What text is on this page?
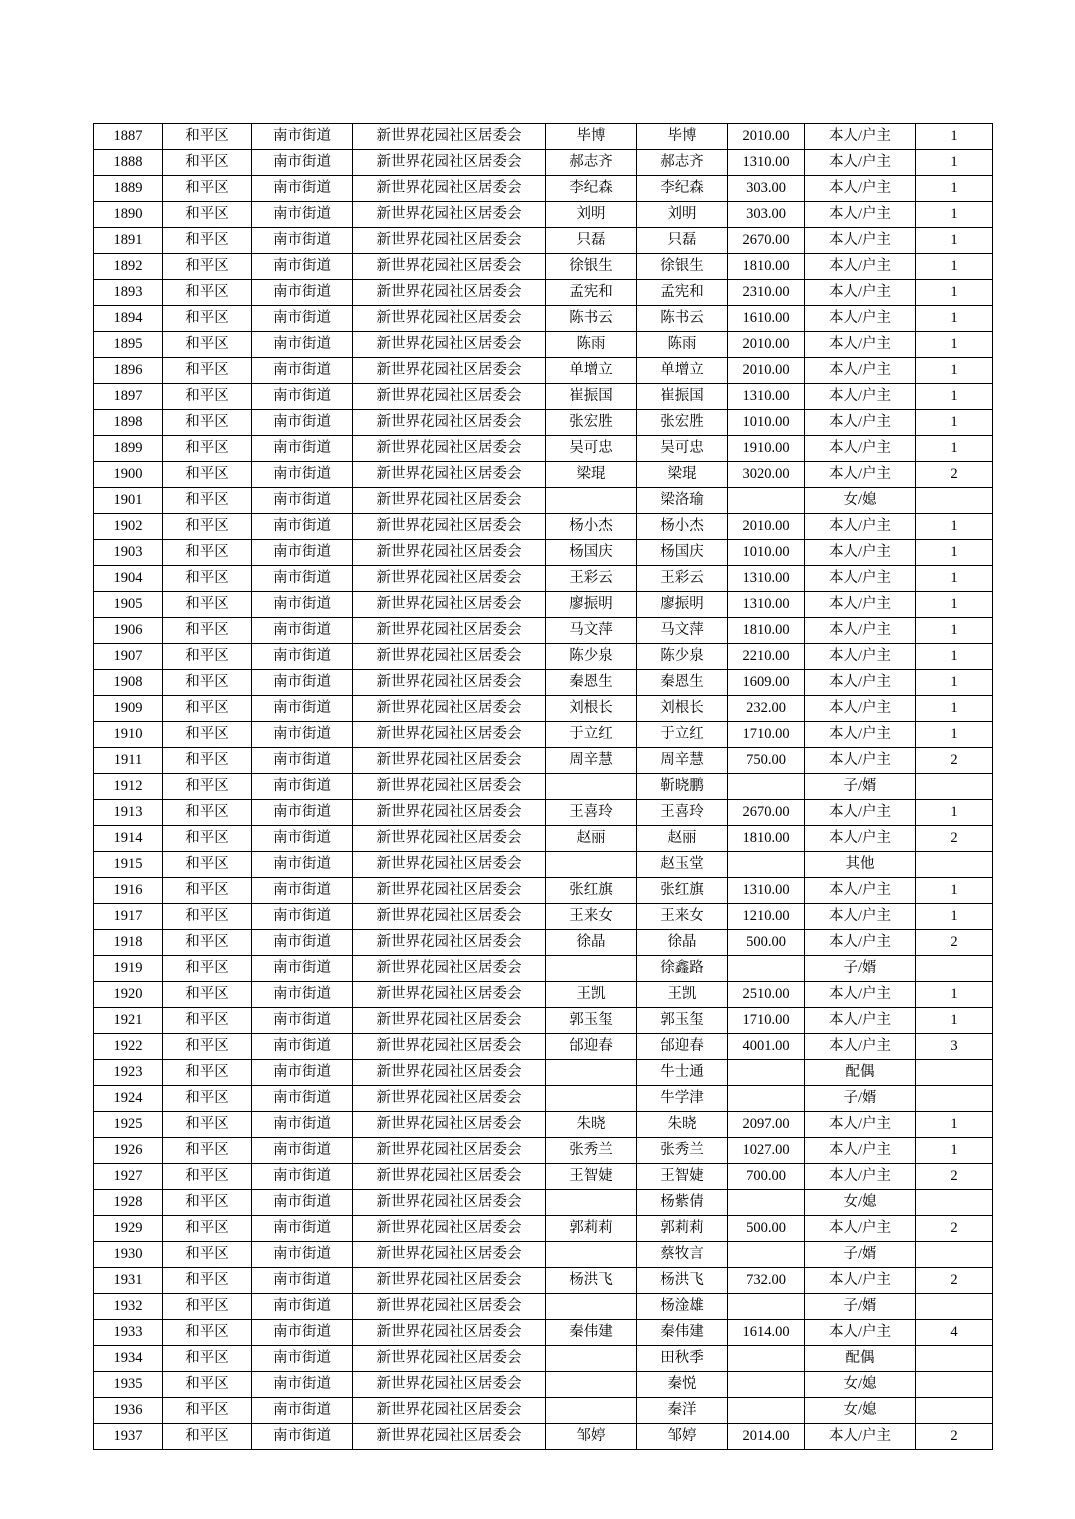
1887	和平区	南市街道	新世界花园社区居委会	毕博	毕博	2010.00	本人/户主	1
1888	和平区	南市街道	新世界花园社区居委会	郝志齐	郝志齐	1310.00	本人/户主	1
1889	和平区	南市街道	新世界花园社区居委会	李纪森	李纪森	303.00	本人/户主	1
1890	和平区	南市街道	新世界花园社区居委会	刘明	刘明	303.00	本人/户主	1
1891	和平区	南市街道	新世界花园社区居委会	只磊	只磊	2670.00	本人/户主	1
1892	和平区	南市街道	新世界花园社区居委会	徐银生	徐银生	1810.00	本人/户主	1
1893	和平区	南市街道	新世界花园社区居委会	孟宪和	孟宪和	2310.00	本人/户主	1
1894	和平区	南市街道	新世界花园社区居委会	陈书云	陈书云	1610.00	本人/户主	1
1895	和平区	南市街道	新世界花园社区居委会	陈雨	陈雨	2010.00	本人/户主	1
1896	和平区	南市街道	新世界花园社区居委会	单增立	单增立	2010.00	本人/户主	1
1897	和平区	南市街道	新世界花园社区居委会	崔振国	崔振国	1310.00	本人/户主	1
1898	和平区	南市街道	新世界花园社区居委会	张宏胜	张宏胜	1010.00	本人/户主	1
1899	和平区	南市街道	新世界花园社区居委会	吴可忠	吴可忠	1910.00	本人/户主	1
1900	和平区	南市街道	新世界花园社区居委会	梁琨	梁琨	3020.00	本人/户主	2
1901	和平区	南市街道	新世界花园社区居委会		梁洛瑜		女/媳	
1902	和平区	南市街道	新世界花园社区居委会	杨小杰	杨小杰	2010.00	本人/户主	1
1903	和平区	南市街道	新世界花园社区居委会	杨国庆	杨国庆	1010.00	本人/户主	1
1904	和平区	南市街道	新世界花园社区居委会	王彩云	王彩云	1310.00	本人/户主	1
1905	和平区	南市街道	新世界花园社区居委会	廖振明	廖振明	1310.00	本人/户主	1
1906	和平区	南市街道	新世界花园社区居委会	马文萍	马文萍	1810.00	本人/户主	1
1907	和平区	南市街道	新世界花园社区居委会	陈少泉	陈少泉	2210.00	本人/户主	1
1908	和平区	南市街道	新世界花园社区居委会	秦恩生	秦恩生	1609.00	本人/户主	1
1909	和平区	南市街道	新世界花园社区居委会	刘根长	刘根长	232.00	本人/户主	1
1910	和平区	南市街道	新世界花园社区居委会	于立红	于立红	1710.00	本人/户主	1
1911	和平区	南市街道	新世界花园社区居委会	周辛慧	周辛慧	750.00	本人/户主	2
1912	和平区	南市街道	新世界花园社区居委会		靳晓鹏		子/婿	
1913	和平区	南市街道	新世界花园社区居委会	王喜玲	王喜玲	2670.00	本人/户主	1
1914	和平区	南市街道	新世界花园社区居委会	赵丽	赵丽	1810.00	本人/户主	2
1915	和平区	南市街道	新世界花园社区居委会		赵玉堂		其他	
1916	和平区	南市街道	新世界花园社区居委会	张红旗	张红旗	1310.00	本人/户主	1
1917	和平区	南市街道	新世界花园社区居委会	王来女	王来女	1210.00	本人/户主	1
1918	和平区	南市街道	新世界花园社区居委会	徐晶	徐晶	500.00	本人/户主	2
1919	和平区	南市街道	新世界花园社区居委会		徐鑫路		子/婿	
1920	和平区	南市街道	新世界花园社区居委会	王凯	王凯	2510.00	本人/户主	1
1921	和平区	南市街道	新世界花园社区居委会	郭玉玺	郭玉玺	1710.00	本人/户主	1
1922	和平区	南市街道	新世界花园社区居委会	邰迎春	邰迎春	4001.00	本人/户主	3
1923	和平区	南市街道	新世界花园社区居委会		牛士通		配偶	
1924	和平区	南市街道	新世界花园社区居委会		牛学津		子/婿	
1925	和平区	南市街道	新世界花园社区居委会	朱晓	朱晓	2097.00	本人/户主	1
1926	和平区	南市街道	新世界花园社区居委会	张秀兰	张秀兰	1027.00	本人/户主	1
1927	和平区	南市街道	新世界花园社区居委会	王智婕	王智婕	700.00	本人/户主	2
1928	和平区	南市街道	新世界花园社区居委会		杨紫倩		女/媳	
1929	和平区	南市街道	新世界花园社区居委会	郭莉莉	郭莉莉	500.00	本人/户主	2
1930	和平区	南市街道	新世界花园社区居委会		蔡牧言		子/婿	
1931	和平区	南市街道	新世界花园社区居委会	杨洪飞	杨洪飞	732.00	本人/户主	2
1932	和平区	南市街道	新世界花园社区居委会		杨淦雄		子/婿	
1933	和平区	南市街道	新世界花园社区居委会	秦伟建	秦伟建	1614.00	本人/户主	4
1934	和平区	南市街道	新世界花园社区居委会		田秋季		配偶	
1935	和平区	南市街道	新世界花园社区居委会		秦悦		女/媳	
1936	和平区	南市街道	新世界花园社区居委会		秦洋		女/媳	
1937	和平区	南市街道	新世界花园社区居委会	邹婷	邹婷	2014.00	本人/户主	2
